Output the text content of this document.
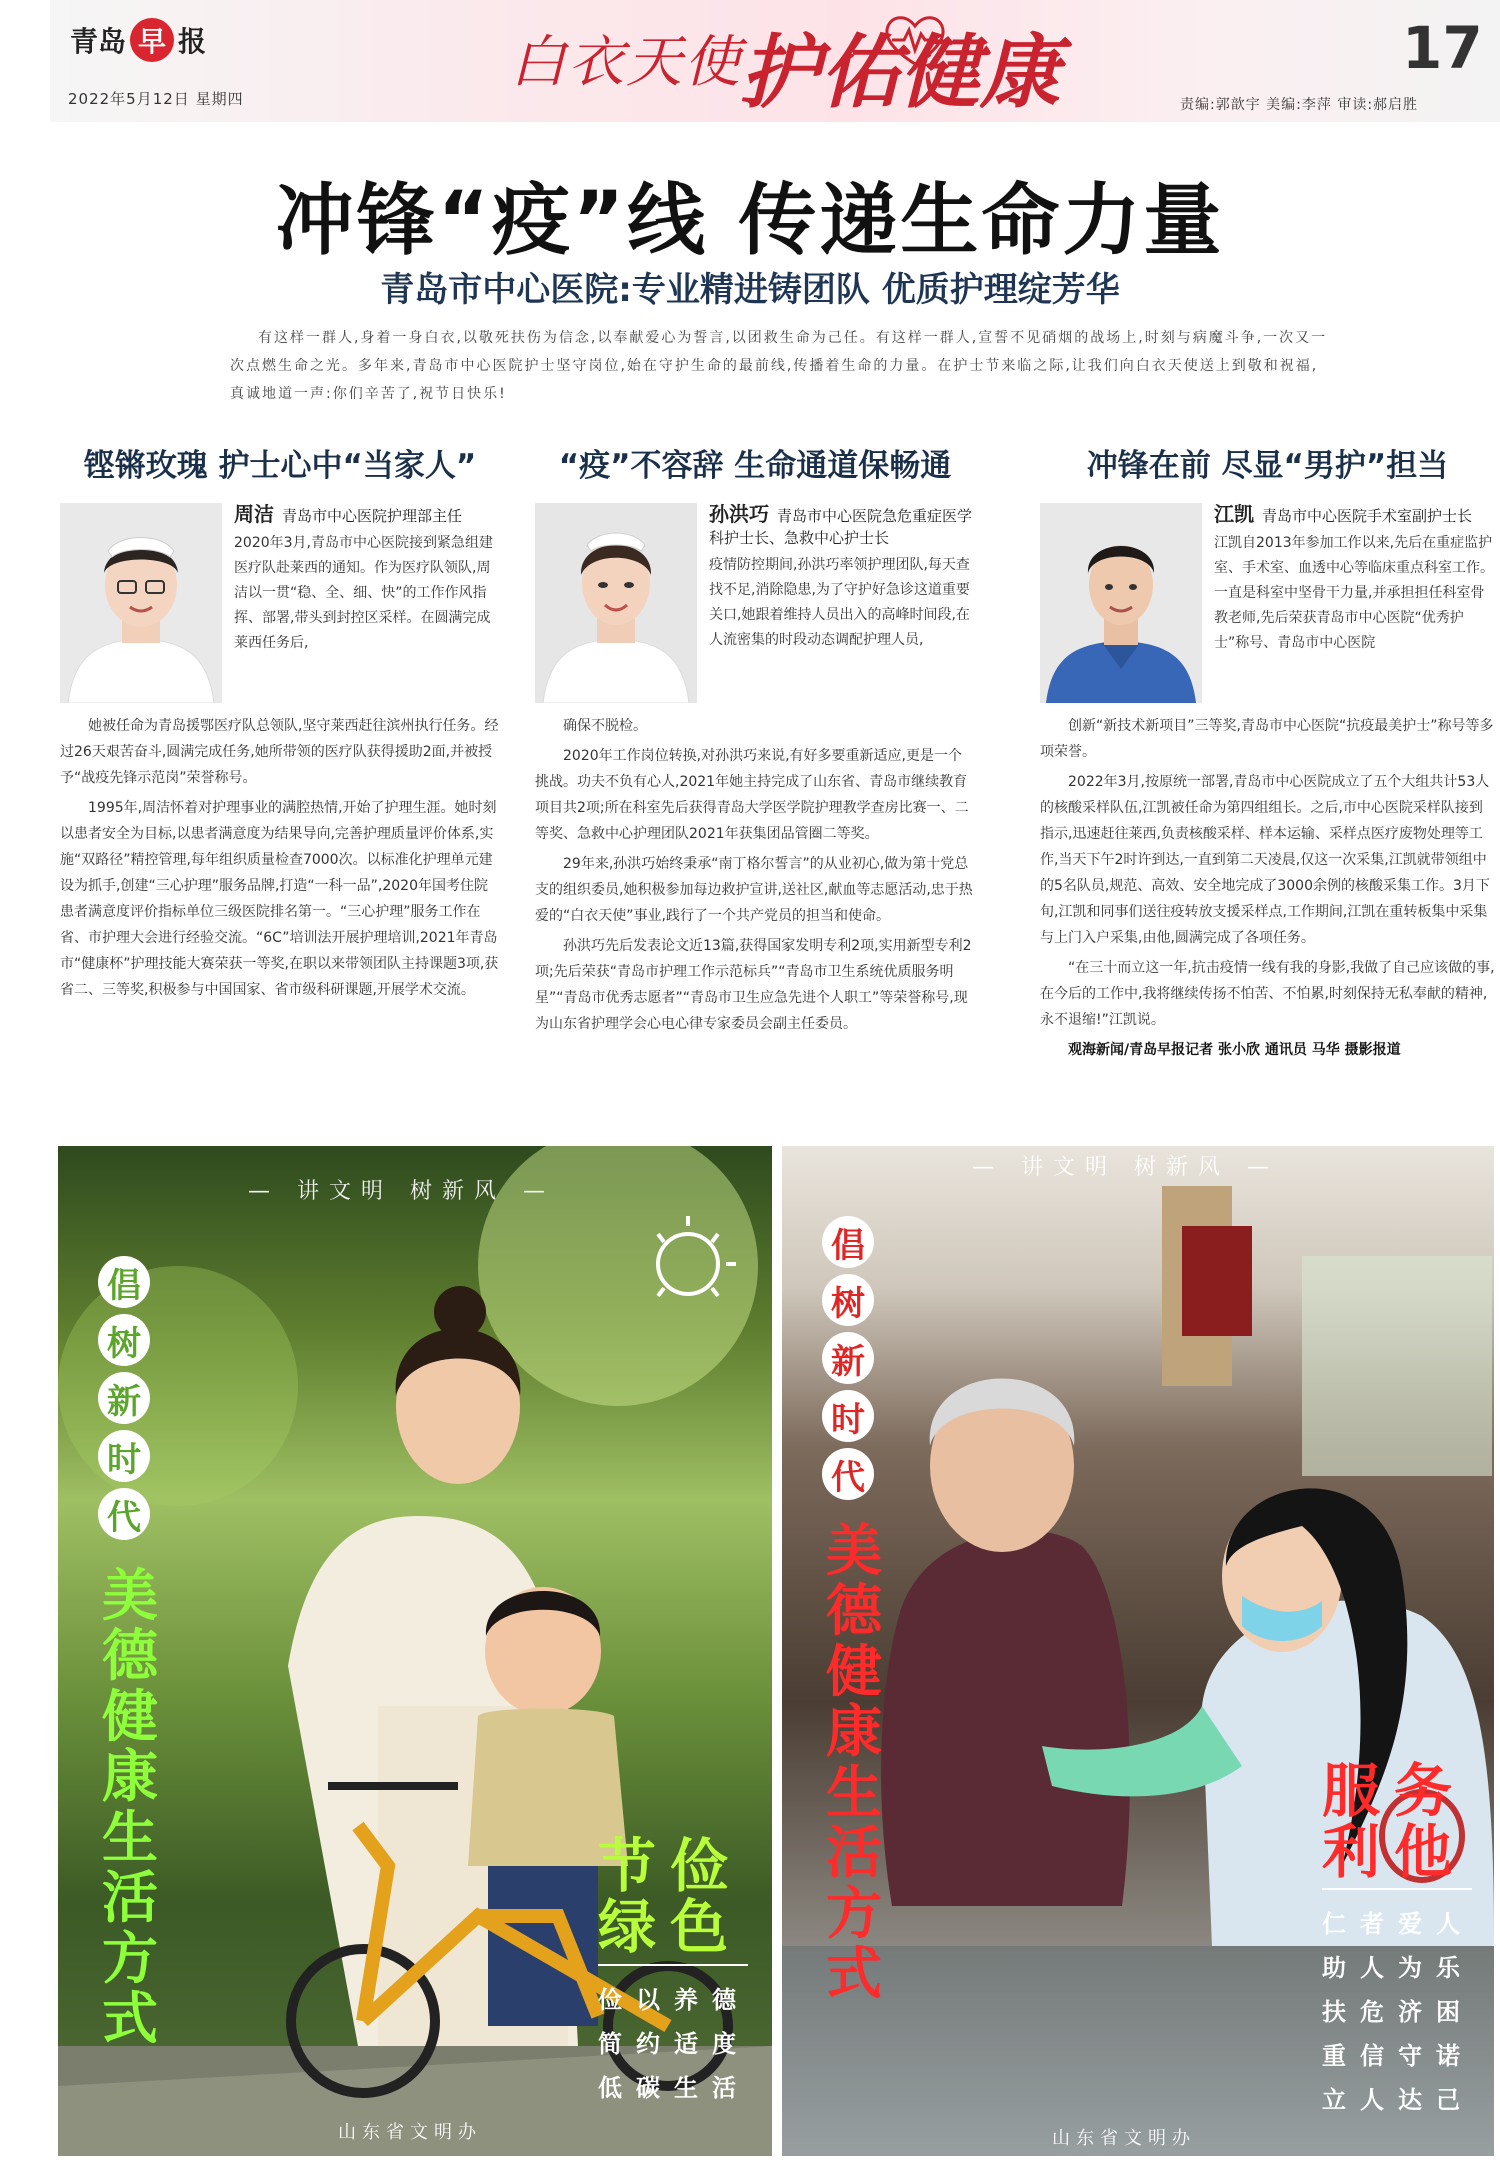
青岛 早 报
2022年5月12日 星期四
白衣天使
护佑健康	17
责编:郭歆宇 美编:李萍 审读:郝启胜
冲锋“疫”线 传递生命力量
青岛市中心医院:专业精进铸团队 优质护理绽芳华
有这样一群人,身着一身白衣,以敬死扶伤为信念,以奉献爱心为誓言,以团救生命为己任。有这样一群人,宣誓不见硝烟的战场上,时刻与病魔斗争,一次又一次点燃生命之光。多年来,青岛市中心医院护士坚守岗位,始在守护生命的最前线,传播着生命的力量。在护士节来临之际,让我们向白衣天使送上到敬和祝福,真诚地道一声:你们辛苦了,祝节日快乐!
铿锵玫瑰 护士心中“当家人”
周洁 青岛市中心医院护理部主任
2020年3月,青岛市中心医院接到紧急组建医疗队赴莱西的通知。作为医疗队领队,周洁以一贯“稳、全、细、快”的工作作风指挥、部署,带头到封控区采样。在圆满完成莱西任务后,

她被任命为青岛援鄂医疗队总领队,坚守莱西赶往滨州执行任务。经过26天艰苦奋斗,圆满完成任务,她所带领的医疗队获得援助2面,并被授予“战疫先锋示范岗”荣誉称号。

1995年,周洁怀着对护理事业的满腔热情,开始了护理生涯。她时刻以患者安全为目标,以患者满意度为结果导向,完善护理质量评价体系,实施“双路径”精控管理,每年组织质量检查7000次。以标准化护理单元建设为抓手,创建“三心护理”服务品牌,打造“一科一品”,2020年国考住院患者满意度评价指标单位三级医院排名第一。“三心护理”服务工作在省、市护理大会进行经验交流。“6C”培训法开展护理培训,2021年青岛市“健康杯”护理技能大赛荣获一等奖,在职以来带领团队主持课题3项,获省二、三等奖,积极参与中国国家、省市级科研课题,开展学术交流。

“疫”不容辞 生命通道保畅通
孙洪巧 青岛市中心医院急危重症医学科护士长、急救中心护士长
疫情防控期间,孙洪巧率领护理团队,每天查找不足,消除隐患,为了守护好急诊这道重要关口,她跟着维持人员出入的高峰时间段,在人流密集的时段动态调配护理人员,

确保不脱检。

2020年工作岗位转换,对孙洪巧来说,有好多要重新适应,更是一个挑战。功夫不负有心人,2021年她主持完成了山东省、青岛市继续教育项目共2项;所在科室先后获得青岛大学医学院护理教学查房比赛一、二等奖、急救中心护理团队2021年获集团品管圈二等奖。

29年来,孙洪巧始终秉承“南丁格尔誓言”的从业初心,做为第十党总支的组织委员,她积极参加每边救护宣讲,送社区,献血等志愿活动,忠于热爱的“白衣天使”事业,践行了一个共产党员的担当和使命。

孙洪巧先后发表论文近13篇,获得国家发明专利2项,实用新型专利2项;先后荣获“青岛市护理工作示范标兵”“青岛市卫生系统优质服务明星”“青岛市优秀志愿者”“青岛市卫生应急先进个人职工”等荣誉称号,现为山东省护理学会心电心律专家委员会副主任委员。

冲锋在前 尽显“男护”担当
江凯 青岛市中心医院手术室副护士长
江凯自2013年参加工作以来,先后在重症监护室、手术室、血透中心等临床重点科室工作。一直是科室中坚骨干力量,并承担担任科室骨教老师,先后荣获青岛市中心医院“优秀护士”称号、青岛市中心医院

创新“新技术新项目”三等奖,青岛市中心医院“抗疫最美护士”称号等多项荣誉。

2022年3月,按原统一部署,青岛市中心医院成立了五个大组共计53人的核酸采样队伍,江凯被任命为第四组组长。之后,市中心医院采样队接到指示,迅速赶往莱西,负责核酸采样、样本运输、采样点医疗废物处理等工作,当天下午2时许到达,一直到第二天凌晨,仅这一次采集,江凯就带领组中的5名队员,规范、高效、安全地完成了3000余例的核酸采集工作。3月下旬,江凯和同事们送往疫转放支援采样点,工作期间,江凯在重转板集中采集与上门入户采集,由他,圆满完成了各项任务。

“在三十而立这一年,抗击疫情一线有我的身影,我做了自己应该做的事,在今后的工作中,我将继续传扬不怕苦、不怕累,时刻保持无私奉献的精神,永不退缩!”江凯说。

观海新闻/青岛早报记者 张小欣 通讯员 马华 摄影报道

— 讲文明 树新风 —
倡
树
新
时
代
美德健康生活方式
节俭
绿色
俭以养德
简约适度
低碳生活
山东省文明办
— 讲文明 树新风 —
倡
树
新
时
代
美德健康生活方式
服务
利他
仁者爱人
助人为乐
扶危济困
重信守诺
立人达己
山东省文明办
